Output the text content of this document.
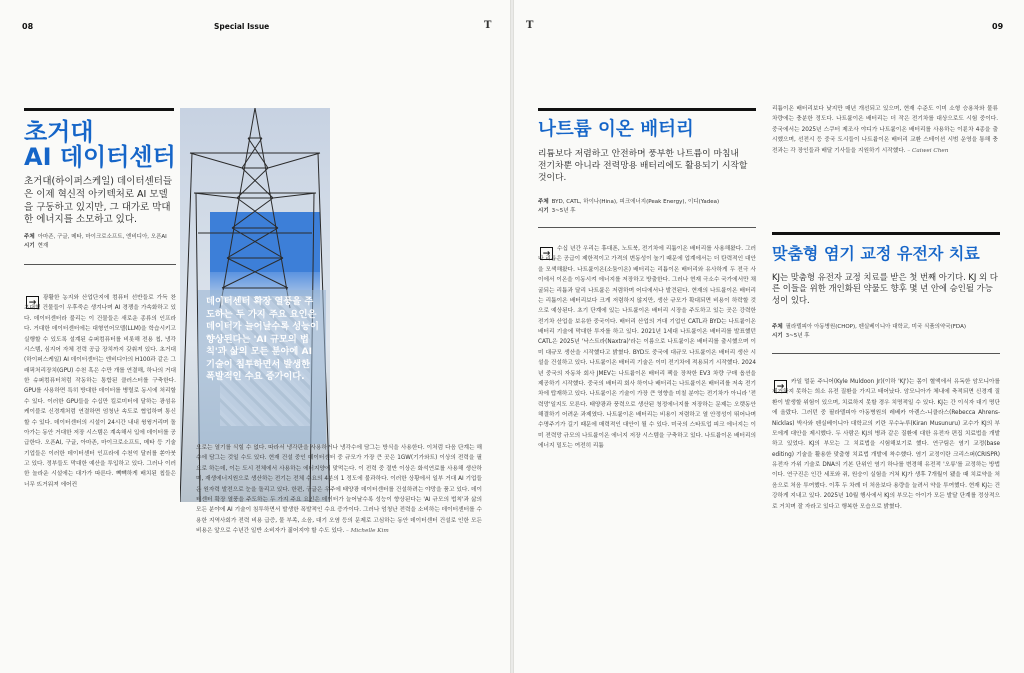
08	Special Issue	T
초거대
AI 데이터센터

초거대(하이퍼스케일) 데이터센터들은 이제 혁신적 아키텍처로 AI 모델을 구동하고 있지만, 그 대가로 막대한 에너지를 소모하고 있다.

주체 아마존, 구글, 메타, 마이크로소프트, 엔비디아, 오픈AI
시기 현재

데이터센터 확장 열풍을 주도하는 두 가지 주요 요인은 데이터가 늘어날수록 성능이 향상된다는 'AI 규모의 법칙'과 삶의 모든 분야에 AI 기술이 침투하면서 발생한 폭발적인 수요 증가이다.

→	광활한 농지와 산업단지에 컴퓨터 선반들로 가득 찬 초대형 건물들이 우후죽순 생겨나며 AI 경쟁을 가속화하고 있다. 데이터센터라 불리는 이 건물들은 새로운 종류의 인프라다. 거대한 데이터센터에는 대형언어모델(LLM)을 학습시키고 실행할 수 있도록 설계된 슈퍼컴퓨터를 비롯해 전용 칩, 냉각 시스템, 심지어 자체 전력 공급 장치까지 갖춰져 있다. 초거대(하이퍼스케일) AI 데이터센터는 엔비디아의 H100과 같은 그래픽처리장치(GPU) 수천 혹은 수만 개를 연결해, 하나의 거대한 슈퍼컴퓨터처럼 작동하는 통합된 클러스터를 구축한다. GPU를 사용하면 특히 방대한 데이터를 병렬로 동시에 처리할 수 있다. 이러한 GPU들을 수십만 킬로미터에 달하는 광섬유 케이블로 신경계처럼 연결하면 엄청난 속도로 협업하며 통신할 수 있다. 데이터센터의 시설이 24시간 내내 윙윙거리며 돌아가는 동안 거대한 저장 시스템은 계속해서 입에 데이터를 공급한다. 오픈AI, 구글, 아마존, 마이크로소프트, 메타 등 기술 기업들은 이러한 데이터센터 인프라에 수천억 달러를 쏟아붓고 있다. 정부들도 막대한 예산을 투입하고 있다. 그러나 이러한 놀라운 시설에는 대가가 따른다. 빽빽하게 배치된 칩들은 너무 뜨거워져 에어컨
으로는 열기를 식힐 수 없다. 따라서 냉각판을 사용하거나 냉각수에 담그는 방식을 사용한다. 이처럼 다음 단계는 해수에 담그는 것일 수도 있다. 현재 건설 중인 데이터센터 중 규모가 가장 큰 곳은 1GW(기가와트) 이상의 전력을 필요로 하는데, 이는 도시 전체에서 사용하는 에너지양에 맞먹는다. 이 전력 중 절반 이상은 화석연료를 사용해 생산하며, 재생에너지원으로 생산하는 전기는 전체 수요의 4분의 1 정도에 불과하다. 이러한 상황에서 일부 거대 AI 기업들은 원자력 발전으로 눈을 돌리고 있다. 한편, 구글은 우주에 태양광 데이터센터를 건설하려는 야망을 품고 있다. 데이터센터 확장 열풍을 주도하는 두 가지 주요 요인은 데이터가 늘어날수록 성능이 향상된다는 'AI 규모의 법칙'과 삶의 모든 분야에 AI 기술이 침투하면서 발생한 폭발적인 수요 증가이다. 그러나 엄청난 전력을 소비하는 데이터센터를 수용한 지역사회가 전력 비용 급증, 물 부족, 소음, 대기 오염 등의 문제로 고심하는 동안 데이터센터 건설로 인한 모든 비용은 앞으로 수년간 일반 소비자가 짊어지야 할 수도 있다. – Michelle Kim
T	09
나트륨 이온 배터리

리튬보다 저렴하고 안전하며 풍부한 나트륨이 마침내 전기차뿐 아니라 전력망용 배터리에도 활용되기 시작할 것이다.

주체 BYD, CATL, 하이나(Hina), 피크에너지(Peak Energy), 이디(Yadea)
시기 3~5년 후
→	수십 년간 우리는 휴대폰, 노트북, 전기차에 리튬이온 배터리를 사용해왔다. 그러나 리튬은 공급이 제한적이고 가격의 변동성이 높기 때문에 업계에서는 더 탄력적인 대안을 모색해왔다. 나트륨이온(소듐이온) 배터리는 리튬이온 배터리와 유사하게 두 전극 사이에서 이온을 이동시켜 에너지를 저장하고 방출한다. 그러나 현재 극소수 국가에서만 채굴되는 리튬과 달리 나트륨은 저렴하며 어디에서나 발견된다. 현재의 나트륨이온 배터리는 리튬이온 배터리보다 크게 저렴하지 않지만, 생산 규모가 확대되면 비용이 하락할 것으로 예상된다. 초기 단계에 있는 나트륨이온 배터리 시장을 주도하고 있는 곳은 강력한 전기차 산업을 보유한 중국이다. 배터리 산업의 거대 기업인 CATL과 BYD는 나트륨이온 배터리 기술에 막대한 투자를 하고 있다. 2021년 1세대 나트륨이온 배터리를 발표했던 CATL은 2025년 '낙스트라(Naxtra)'라는 이름으로 나트륨이온 배터리를 출시했으며 이미 대규모 생산을 시작했다고 밝혔다. BYD도 중국에 대규모 나트륨이온 배터리 생산 시설을 건설하고 있다. 나트륨이온 배터리 기술은 이미 전기차에 적용되기 시작했다. 2024년 중국의 자동차 회사 JMEV는 나트륨이온 배터리 팩을 장착한 EV3 차량 구매 옵션을 제공하기 시작했다. 중국의 배터리 회사 하이나 배터리는 나트륨이온 배터리를 저속 전기차에 탑재하고 있다. 나트륨이온 기술이 가장 큰 영향을 미칠 분야는 전기차가 아니라 '전력망'일지도 모른다. 태양광과 풍력으로 생산된 청정에너지를 저장하는 문제는 오랫동안 해결하기 어려운 과제였다. 나트륨이온 배터리는 비용이 저렴하고 열 안정성이 뛰어나며 수명주기가 길기 때문에 매력적인 대안이 될 수 있다. 미국의 스타트업 피크 에너지는 이미 전력망 규모의 나트륨이온 에너지 저장 시스템을 구축하고 있다. 나트륨이온 배터리의 에너지 밀도는 여전히 리튬
리튬이온 배터리보다 낮지만 매년 개선되고 있으며, 현재 수준도 이미 소형 승용차와 물류 차량에는 충분한 정도다. 나트륨이온 배터리는 더 작은 전기차를 대상으로도 시험 중이다. 중국에서는 2025년 스쿠터 제조사 야디가 나트륨이온 배터리를 사용하는 이륜차 4종을 출시했으며, 선전시 등 중국 도시들이 나트륨이온 배터리 교환 스테이션 시범 운영을 통해 충전과는 각 장인들과 배달 기사들을 지원하기 시작했다. – Caiwei Chen
맞춤형 염기 교정 유전자 치료

KJ는 맞춤형 유전자 교정 치료를 받은 첫 번째 아기다. KJ 외 다른 이들을 위한 개인화된 약물도 향후 몇 년 안에 승인될 가능성이 있다.

주체 필라델피아 아동병원(CHOP), 펜실베이니아 대학교, 미국 식품의약국(FDA)
시기 3~5년 후
→	카일 멀둔 주니어(Kyle Muldoon Jr)(이하 'KJ')는 몸이 혈액에서 유독한 암모니아를 제거하지 못하는 희소 유전 질환을 가지고 태어났다. 암모니아가 체내에 축적되면 신경계 질환이 발생할 위험이 있으며, 치료하지 못할 경우 치명적일 수 있다. KJ는 간 이식자 대기 명단에 올랐다. 그러던 중 필라델피아 아동병원의 레베카 아렌스-니클라스(Rebecca Ahrens-Nicklas) 박사와 펜실베이니아 대학교의 키란 무수누루(Kiran Musunuru) 교수가 KJ의 부모에게 대안을 제시했다. 두 사람은 KJ의 병과 같은 질환에 대한 유전자 편집 치료법을 개발하고 있었다. KJ의 부모는 그 치료법을 시험해보기로 했다. 연구팀은 염기 교정(base editing) 기술을 활용한 맞춤형 치료법 개발에 착수했다. 염기 교정이란 크리스퍼(CRISPR) 유전자 가위 기술로 DNA의 기본 단위인 염기 하나를 변경해 유전적 '오류'를 교정하는 방법이다. 연구진은 인간 세포와 쥐, 원숭이 실험을 거쳐 KJ가 생후 7개월이 됐을 때 치료약을 처음으로 처음 투여했다. 이후 두 차례 더 처음보다 용량을 늘려서 약을 투여했다. 현재 KJ는 건강하게 지내고 있다. 2025년 10월 행사에서 KJ의 부모는 아이가 모든 발달 단계를 정상적으로 거치며 잘 자라고 있다고 행복한 모습으로 밝혔다.
